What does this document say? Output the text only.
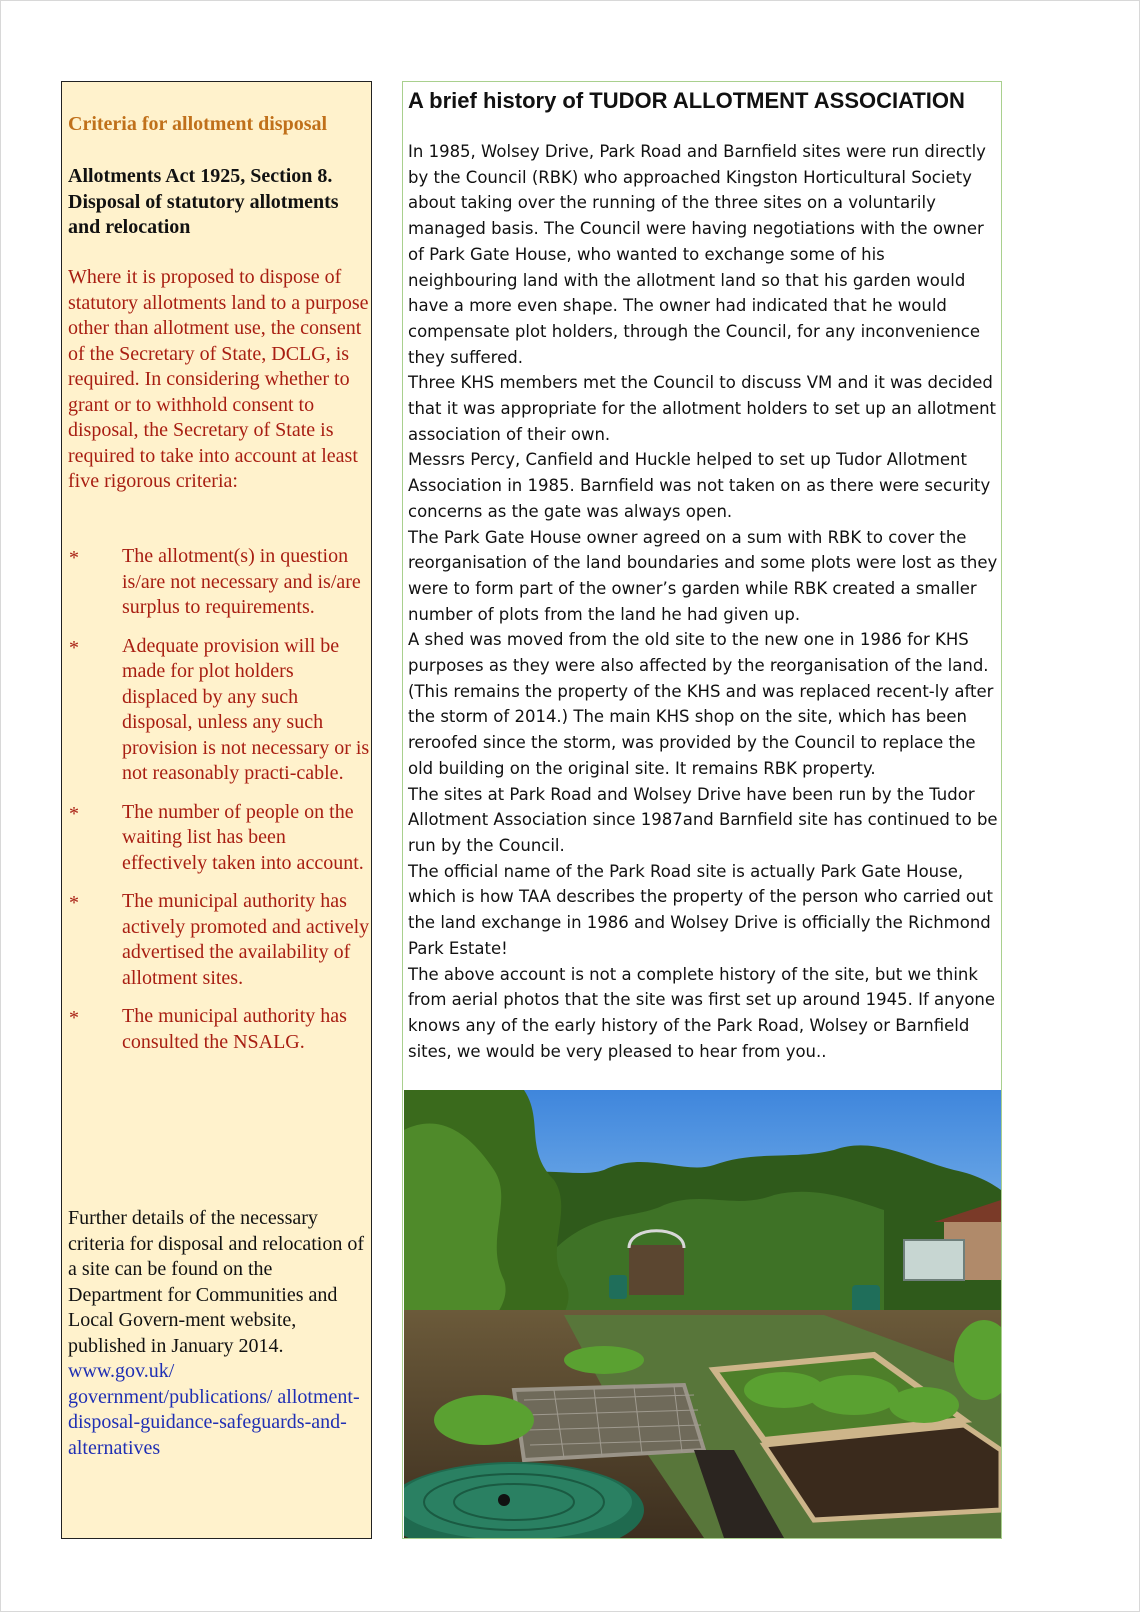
Criteria for allotment disposal
Allotments Act 1925, Section 8. Disposal of statutory allotments and relocation
Where it is proposed to dispose of statutory allotments land to a purpose other than allotment use, the consent of the Secretary of State, DCLG, is required. In considering whether to grant or to withhold consent to disposal, the Secretary of State is required to take into account at least five rigorous criteria:
* The allotment(s) in question is/are not necessary and is/are surplus to requirements.
* Adequate provision will be made for plot holders displaced by any such disposal, unless any such provision is not necessary or is not reasonably practi-cable.
* The number of people on the waiting list has been effectively taken into account.
* The municipal authority has actively promoted and actively advertised the availability of allotment sites.
* The municipal authority has consulted the NSALG.
Further details of the necessary criteria for disposal and relocation of a site can be found on the Department for Communities and Local Govern-ment website, published in January 2014. www.gov.uk/ government/publications/ allotment-disposal-guidance-safeguards-and-alternatives
A brief history of TUDOR ALLOTMENT ASSOCIATION

In 1985, Wolsey Drive, Park Road and Barnfield sites were run directly by the Council (RBK) who approached Kingston Horticultural Society about taking over the running of the three sites on a voluntarily managed basis. The Council were having negotiations with the owner of Park Gate House, who wanted to exchange some of his neighbouring land with the allotment land so that his garden would have a more even shape. The owner had indicated that he would compensate plot holders, through the Council, for any inconvenience they suffered.

Three KHS members met the Council to discuss VM and it was decided that it was appropriate for the allotment holders to set up an allotment association of their own.

Messrs Percy, Canfield and Huckle helped to set up Tudor Allotment Association in 1985. Barnfield was not taken on as there were security concerns as the gate was always open.

The Park Gate House owner agreed on a sum with RBK to cover the reorganisation of the land boundaries and some plots were lost as they were to form part of the owner’s garden while RBK created a smaller number of plots from the land he had given up.

A shed was moved from the old site to the new one in 1986 for KHS purposes as they were also affected by the reorganisation of the land. (This remains the property of the KHS and was replaced recent-ly after the storm of 2014.) The main KHS shop on the site, which has been reroofed since the storm, was provided by the Council to replace the old building on the original site. It remains RBK property.

The sites at Park Road and Wolsey Drive have been run by the Tudor Allotment Association since 1987and Barnfield site has continued to be run by the Council.

The official name of the Park Road site is actually Park Gate House, which is how TAA describes the property of the person who carried out the land exchange in 1986 and Wolsey Drive is officially the Richmond Park Estate!

The above account is not a complete history of the site, but we think from aerial photos that the site was first set up around 1945. If anyone knows any of the early history of the Park Road, Wolsey or Barnfield sites, we would be very pleased to hear from you..
